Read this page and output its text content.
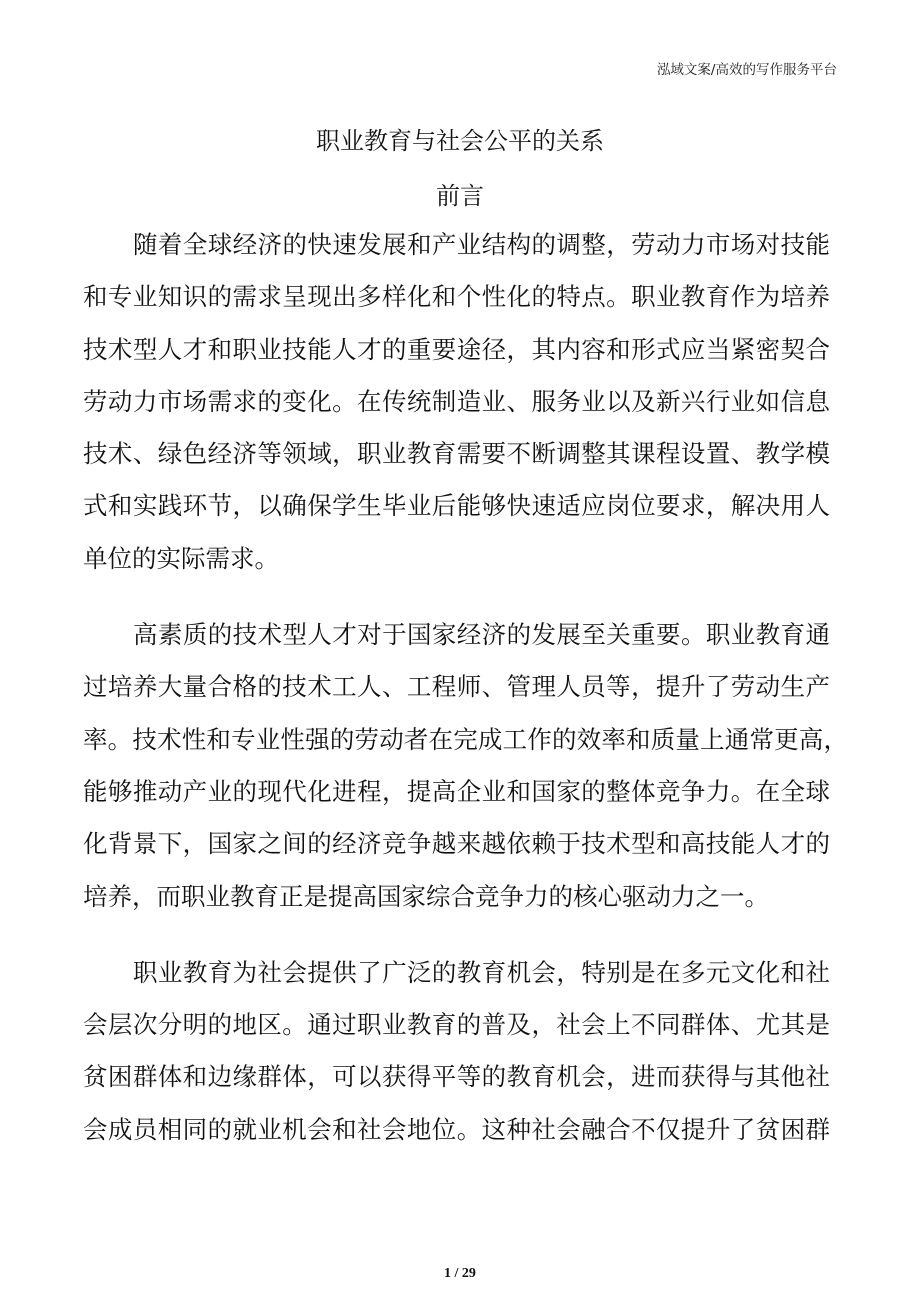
泓域文案/高效的写作服务平台
职业教育与社会公平的关系
前言
随着全球经济的快速发展和产业结构的调整，劳动力市场对技能
和专业知识的需求呈现出多样化和个性化的特点。职业教育作为培养
技术型人才和职业技能人才的重要途径，其内容和形式应当紧密契合
劳动力市场需求的变化。在传统制造业、服务业以及新兴行业如信息
技术、绿色经济等领域，职业教育需要不断调整其课程设置、教学模
式和实践环节，以确保学生毕业后能够快速适应岗位要求，解决用人
单位的实际需求。
高素质的技术型人才对于国家经济的发展至关重要。职业教育通
过培养大量合格的技术工人、工程师、管理人员等，提升了劳动生产
率。技术性和专业性强的劳动者在完成工作的效率和质量上通常更高，
能够推动产业的现代化进程，提高企业和国家的整体竞争力。在全球
化背景下，国家之间的经济竞争越来越依赖于技术型和高技能人才的
培养，而职业教育正是提高国家综合竞争力的核心驱动力之一。
职业教育为社会提供了广泛的教育机会，特别是在多元文化和社
会层次分明的地区。通过职业教育的普及，社会上不同群体、尤其是
贫困群体和边缘群体，可以获得平等的教育机会，进而获得与其他社
会成员相同的就业机会和社会地位。这种社会融合不仅提升了贫困群
1 / 29
